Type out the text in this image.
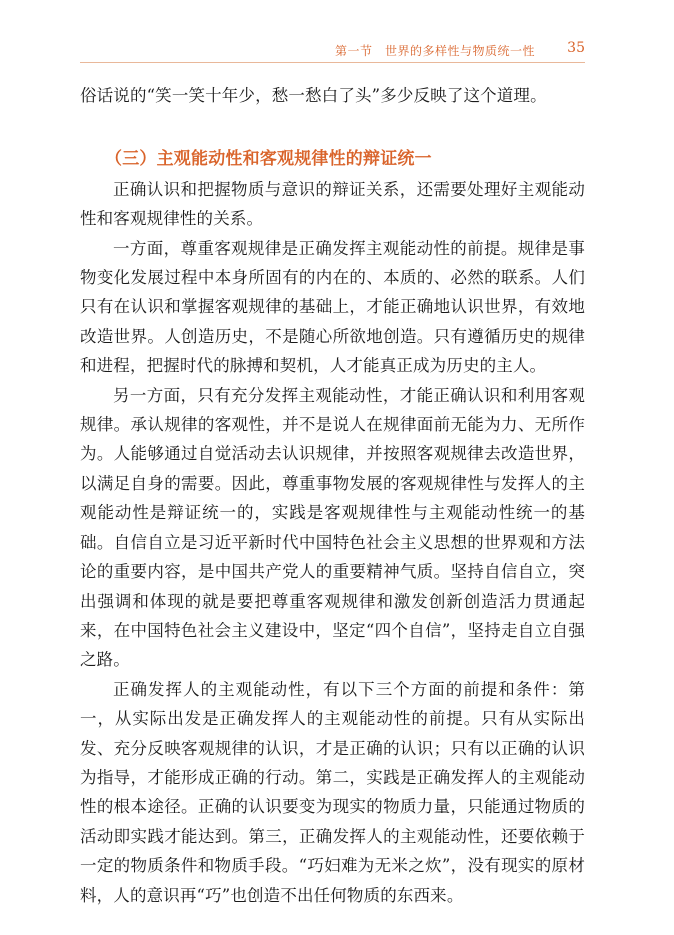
第一节　世界的多样性与物质统一性 35

俗话说的“笑一笑十年少，愁一愁白了头”多少反映了这个道理。

（三）主观能动性和客观规律性的辩证统一

正确认识和把握物质与意识的辩证关系，还需要处理好主观能动性和客观规律性的关系。

一方面，尊重客观规律是正确发挥主观能动性的前提。规律是事物变化发展过程中本身所固有的内在的、本质的、必然的联系。人们只有在认识和掌握客观规律的基础上，才能正确地认识世界，有效地改造世界。人创造历史，不是随心所欲地创造。只有遵循历史的规律和进程，把握时代的脉搏和契机，人才能真正成为历史的主人。

另一方面，只有充分发挥主观能动性，才能正确认识和利用客观规律。承认规律的客观性，并不是说人在规律面前无能为力、无所作为。人能够通过自觉活动去认识规律，并按照客观规律去改造世界，以满足自身的需要。因此，尊重事物发展的客观规律性与发挥人的主观能动性是辩证统一的，实践是客观规律性与主观能动性统一的基础。自信自立是习近平新时代中国特色社会主义思想的世界观和方法论的重要内容，是中国共产党人的重要精神气质。坚持自信自立，突出强调和体现的就是要把尊重客观规律和激发创新创造活力贯通起来，在中国特色社会主义建设中，坚定“四个自信”，坚持走自立自强之路。

正确发挥人的主观能动性，有以下三个方面的前提和条件：第一，从实际出发是正确发挥人的主观能动性的前提。只有从实际出发、充分反映客观规律的认识，才是正确的认识；只有以正确的认识为指导，才能形成正确的行动。第二，实践是正确发挥人的主观能动性的根本途径。正确的认识要变为现实的物质力量，只能通过物质的活动即实践才能达到。第三，正确发挥人的主观能动性，还要依赖于一定的物质条件和物质手段。“巧妇难为无米之炊”，没有现实的原材料，人的意识再“巧”也创造不出任何物质的东西来。
